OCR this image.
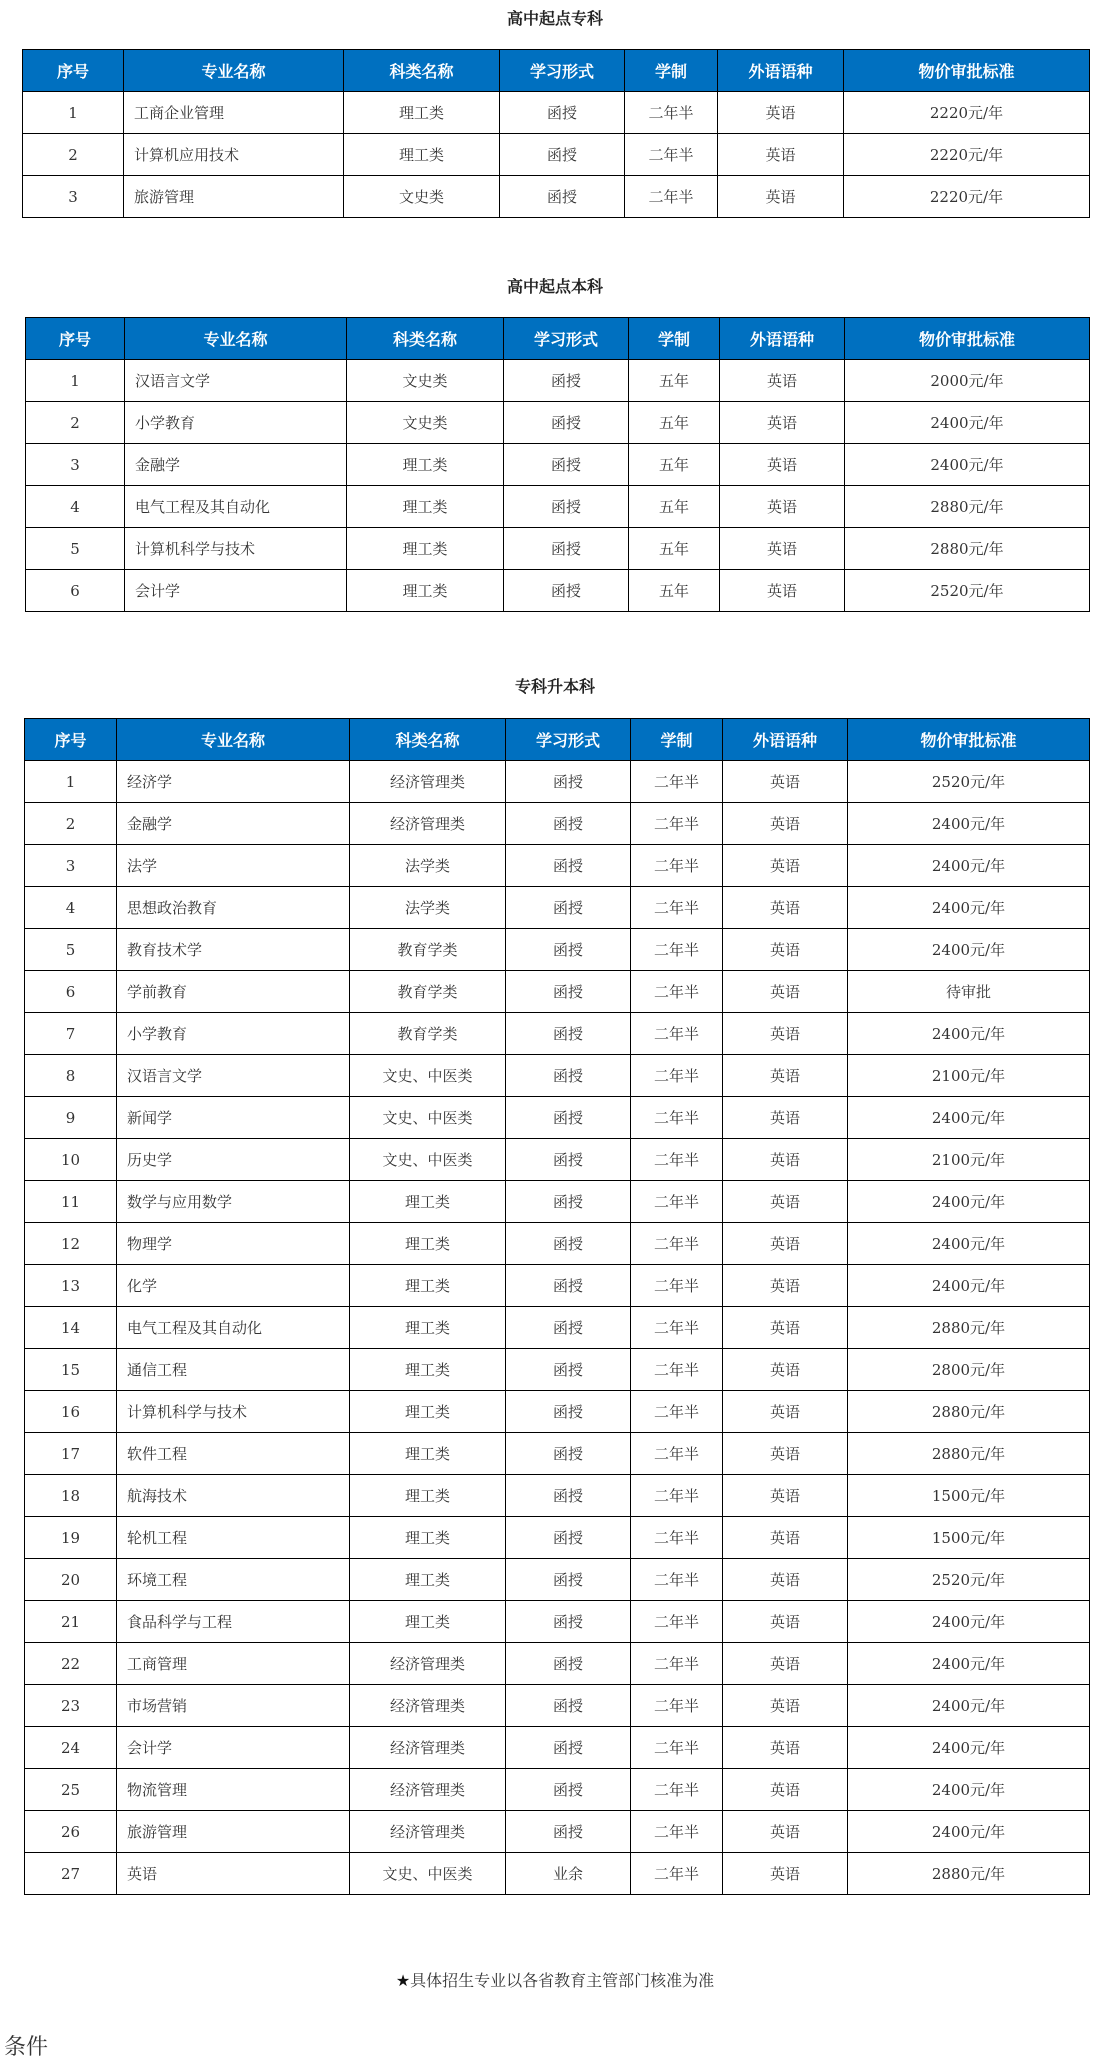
高中起点专科
序号	专业名称	科类名称	学习形式	学制	外语语种	物价审批标准
1	工商企业管理	理工类	函授	二年半	英语	2220元/年
2	计算机应用技术	理工类	函授	二年半	英语	2220元/年
3	旅游管理	文史类	函授	二年半	英语	2220元/年
高中起点本科
序号	专业名称	科类名称	学习形式	学制	外语语种	物价审批标准
1	汉语言文学	文史类	函授	五年	英语	2000元/年
2	小学教育	文史类	函授	五年	英语	2400元/年
3	金融学	理工类	函授	五年	英语	2400元/年
4	电气工程及其自动化	理工类	函授	五年	英语	2880元/年
5	计算机科学与技术	理工类	函授	五年	英语	2880元/年
6	会计学	理工类	函授	五年	英语	2520元/年
专科升本科
序号	专业名称	科类名称	学习形式	学制	外语语种	物价审批标准
1	经济学	经济管理类	函授	二年半	英语	2520元/年
2	金融学	经济管理类	函授	二年半	英语	2400元/年
3	法学	法学类	函授	二年半	英语	2400元/年
4	思想政治教育	法学类	函授	二年半	英语	2400元/年
5	教育技术学	教育学类	函授	二年半	英语	2400元/年
6	学前教育	教育学类	函授	二年半	英语	待审批
7	小学教育	教育学类	函授	二年半	英语	2400元/年
8	汉语言文学	文史、中医类	函授	二年半	英语	2100元/年
9	新闻学	文史、中医类	函授	二年半	英语	2400元/年
10	历史学	文史、中医类	函授	二年半	英语	2100元/年
11	数学与应用数学	理工类	函授	二年半	英语	2400元/年
12	物理学	理工类	函授	二年半	英语	2400元/年
13	化学	理工类	函授	二年半	英语	2400元/年
14	电气工程及其自动化	理工类	函授	二年半	英语	2880元/年
15	通信工程	理工类	函授	二年半	英语	2800元/年
16	计算机科学与技术	理工类	函授	二年半	英语	2880元/年
17	软件工程	理工类	函授	二年半	英语	2880元/年
18	航海技术	理工类	函授	二年半	英语	1500元/年
19	轮机工程	理工类	函授	二年半	英语	1500元/年
20	环境工程	理工类	函授	二年半	英语	2520元/年
21	食品科学与工程	理工类	函授	二年半	英语	2400元/年
22	工商管理	经济管理类	函授	二年半	英语	2400元/年
23	市场营销	经济管理类	函授	二年半	英语	2400元/年
24	会计学	经济管理类	函授	二年半	英语	2400元/年
25	物流管理	经济管理类	函授	二年半	英语	2400元/年
26	旅游管理	经济管理类	函授	二年半	英语	2400元/年
27	英语	文史、中医类	业余	二年半	英语	2880元/年
★具体招生专业以各省教育主管部门核准为准
条件
